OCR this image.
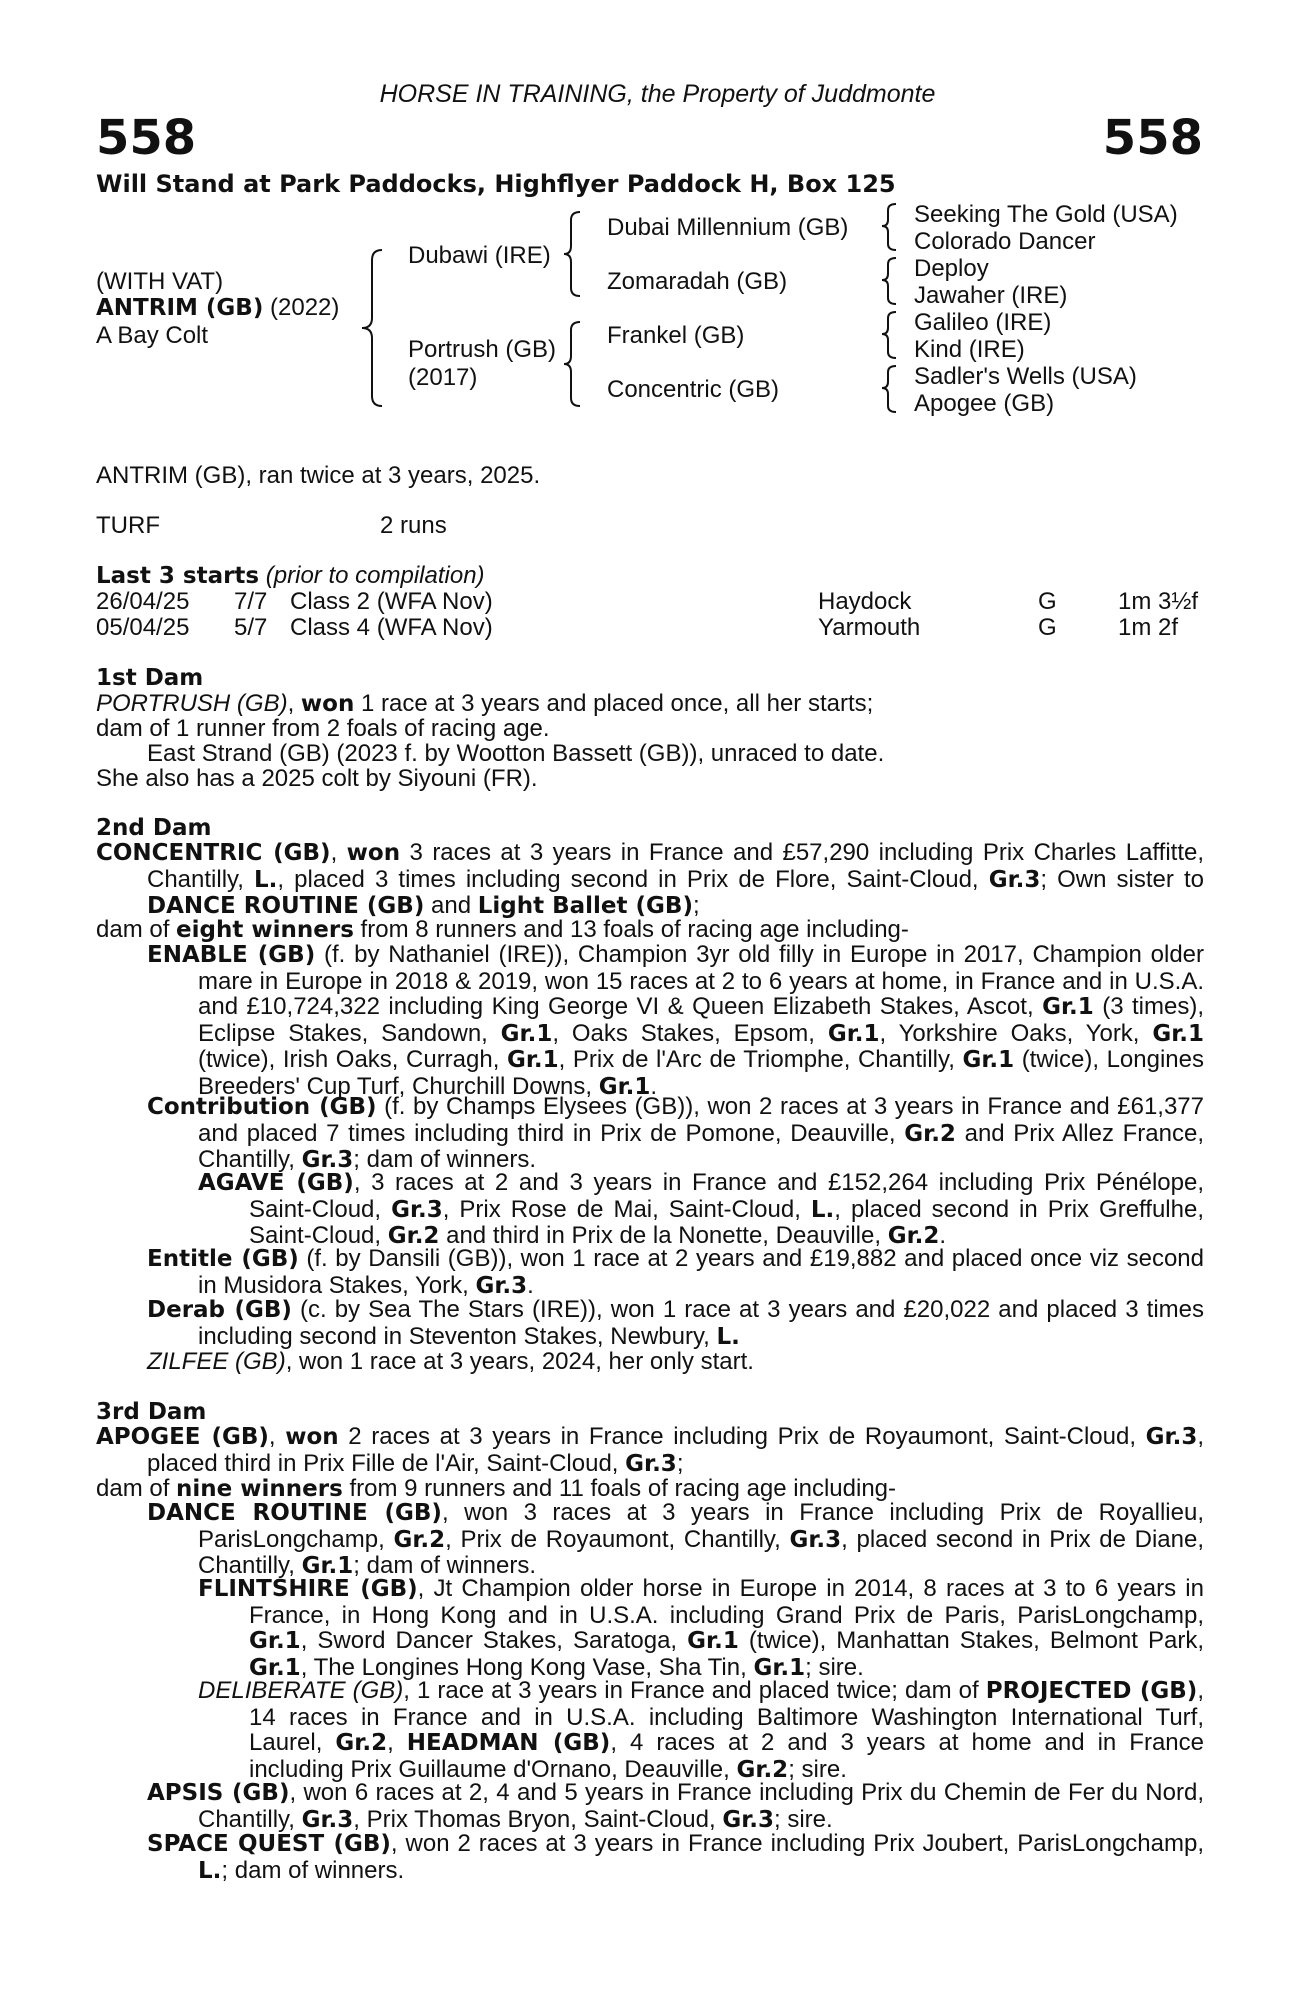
HORSE IN TRAINING, the Property of Juddmonte
558	558
Will Stand at Park Paddocks, Highflyer Paddock H, Box 125
(WITH VAT)
ANTRIM (GB) (2022)
A Bay Colt
Dubawi (IRE)
Portrush (GB)
(2017)
Dubai Millennium (GB)
Zomaradah (GB)
Frankel (GB)
Concentric (GB)
Seeking The Gold (USA)
Colorado Dancer
Deploy
Jawaher (IRE)
Galileo (IRE)
Kind (IRE)
Sadler's Wells (USA)
Apogee (GB)
ANTRIM (GB), ran twice at 3 years, 2025.
TURF	2 runs
Last 3 starts (prior to compilation)
26/04/25 7/7 Class 2 (WFA Nov)	Haydock	G	1m 3½f
05/04/25 5/7 Class 4 (WFA Nov)	Yarmouth	G	1m 2f
1st Dam
PORTRUSH (GB), won 1 race at 3 years and placed once, all her starts;
dam of 1 runner from 2 foals of racing age.
East Strand (GB) (2023 f. by Wootton Bassett (GB)), unraced to date.
She also has a 2025 colt by Siyouni (FR).
2nd Dam
CONCENTRIC (GB), won 3 races at 3 years in France and £57,290 including Prix Charles Laffitte, Chantilly, L., placed 3 times including second in Prix de Flore, Saint-Cloud, Gr.3; Own sister to DANCE ROUTINE (GB) and Light Ballet (GB);
dam of eight winners from 8 runners and 13 foals of racing age including-
ENABLE (GB) (f. by Nathaniel (IRE)), Champion 3yr old filly in Europe in 2017, Champion older mare in Europe in 2018 & 2019, won 15 races at 2 to 6 years at home, in France and in U.S.A. and £10,724,322 including King George VI & Queen Elizabeth Stakes, Ascot, Gr.1 (3 times), Eclipse Stakes, Sandown, Gr.1, Oaks Stakes, Epsom, Gr.1, Yorkshire Oaks, York, Gr.1 (twice), Irish Oaks, Curragh, Gr.1, Prix de l'Arc de Triomphe, Chantilly, Gr.1 (twice), Longines Breeders' Cup Turf, Churchill Downs, Gr.1.
Contribution (GB) (f. by Champs Elysees (GB)), won 2 races at 3 years in France and £61,377 and placed 7 times including third in Prix de Pomone, Deauville, Gr.2 and Prix Allez France, Chantilly, Gr.3; dam of winners.
AGAVE (GB), 3 races at 2 and 3 years in France and £152,264 including Prix Pénélope, Saint-Cloud, Gr.3, Prix Rose de Mai, Saint-Cloud, L., placed second in Prix Greffulhe, Saint-Cloud, Gr.2 and third in Prix de la Nonette, Deauville, Gr.2.
Entitle (GB) (f. by Dansili (GB)), won 1 race at 2 years and £19,882 and placed once viz second in Musidora Stakes, York, Gr.3.
Derab (GB) (c. by Sea The Stars (IRE)), won 1 race at 3 years and £20,022 and placed 3 times including second in Steventon Stakes, Newbury, L.
ZILFEE (GB), won 1 race at 3 years, 2024, her only start.
3rd Dam
APOGEE (GB), won 2 races at 3 years in France including Prix de Royaumont, Saint-Cloud, Gr.3, placed third in Prix Fille de l'Air, Saint-Cloud, Gr.3;
dam of nine winners from 9 runners and 11 foals of racing age including-
DANCE ROUTINE (GB), won 3 races at 3 years in France including Prix de Royallieu, ParisLongchamp, Gr.2, Prix de Royaumont, Chantilly, Gr.3, placed second in Prix de Diane, Chantilly, Gr.1; dam of winners.
FLINTSHIRE (GB), Jt Champion older horse in Europe in 2014, 8 races at 3 to 6 years in France, in Hong Kong and in U.S.A. including Grand Prix de Paris, ParisLongchamp, Gr.1, Sword Dancer Stakes, Saratoga, Gr.1 (twice), Manhattan Stakes, Belmont Park, Gr.1, The Longines Hong Kong Vase, Sha Tin, Gr.1; sire.
DELIBERATE (GB), 1 race at 3 years in France and placed twice; dam of PROJECTED (GB), 14 races in France and in U.S.A. including Baltimore Washington International Turf, Laurel, Gr.2, HEADMAN (GB), 4 races at 2 and 3 years at home and in France including Prix Guillaume d'Ornano, Deauville, Gr.2; sire.
APSIS (GB), won 6 races at 2, 4 and 5 years in France including Prix du Chemin de Fer du Nord, Chantilly, Gr.3, Prix Thomas Bryon, Saint-Cloud, Gr.3; sire.
SPACE QUEST (GB), won 2 races at 3 years in France including Prix Joubert, ParisLongchamp, L.; dam of winners.
